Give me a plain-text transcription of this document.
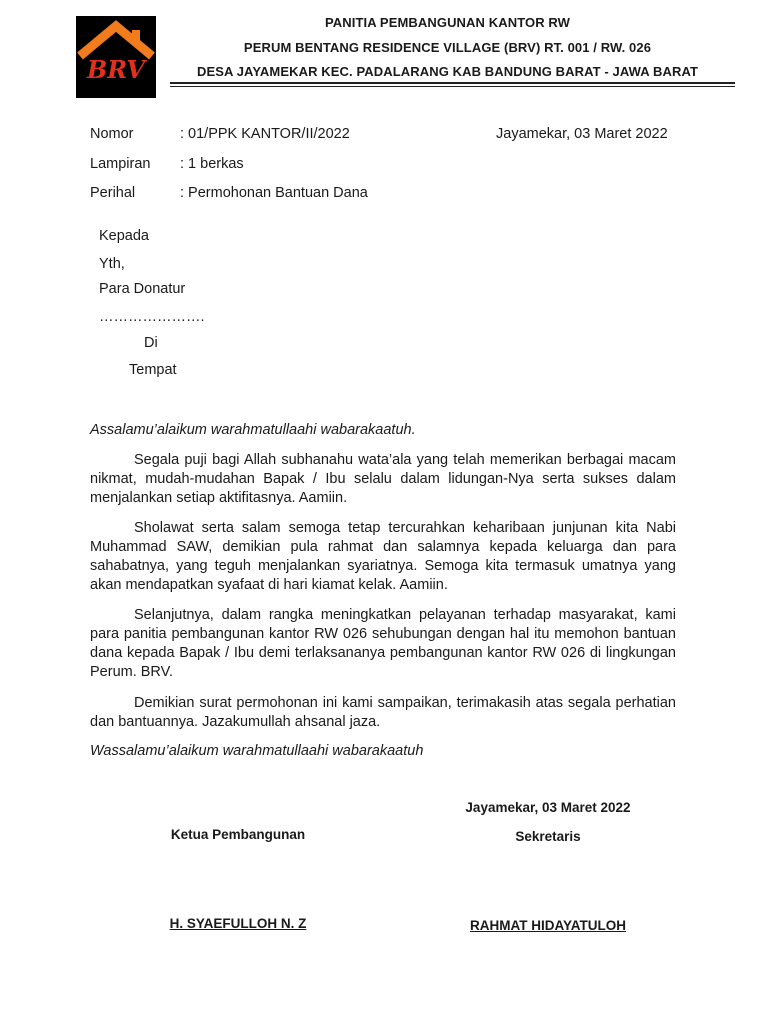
BRV
PANITIA PEMBANGUNAN KANTOR RW
PERUM BENTANG RESIDENCE VILLAGE (BRV) RT. 001 / RW. 026
DESA JAYAMEKAR KEC. PADALARANG KAB BANDUNG BARAT - JAWA BARAT
Nomor	: 01/PPK KANTOR/II/2022	Jayamekar, 03 Maret 2022
Lampiran : 1 berkas
Perihal	: Permohonan Bantuan Dana
Kepada
Yth,
Para Donatur
………………….
Di
Tempat
Assalamu’alaikum warahmatullaahi wabarakaatuh.
Segala puji bagi Allah subhanahu wata’ala yang telah memerikan berbagai macam nikmat, mudah-mudahan Bapak / Ibu selalu dalam lidungan-Nya serta sukses dalam menjalankan setiap aktifitasnya. Aamiin.
Sholawat serta salam semoga tetap tercurahkan keharibaan junjunan kita Nabi Muhammad SAW, demikian pula rahmat dan salamnya kepada keluarga dan para sahabatnya, yang teguh menjalankan syariatnya. Semoga kita termasuk umatnya yang akan mendapatkan syafaat di hari kiamat kelak. Aamiin.
Selanjutnya, dalam rangka meningkatkan pelayanan terhadap masyarakat, kami para panitia pembangunan kantor RW 026 sehubungan dengan hal itu memohon bantuan dana kepada Bapak / Ibu demi terlaksananya pembangunan kantor RW 026 di lingkungan Perum. BRV.
Demikian surat permohonan ini kami sampaikan, terimakasih atas segala perhatian dan bantuannya. Jazakumullah ahsanal jaza.
Wassalamu’alaikum warahmatullaahi wabarakaatuh
Jayamekar, 03 Maret 2022
Ketua Pembangunan	Sekretaris
H. SYAEFULLOH N. Z	RAHMAT HIDAYATULOH
